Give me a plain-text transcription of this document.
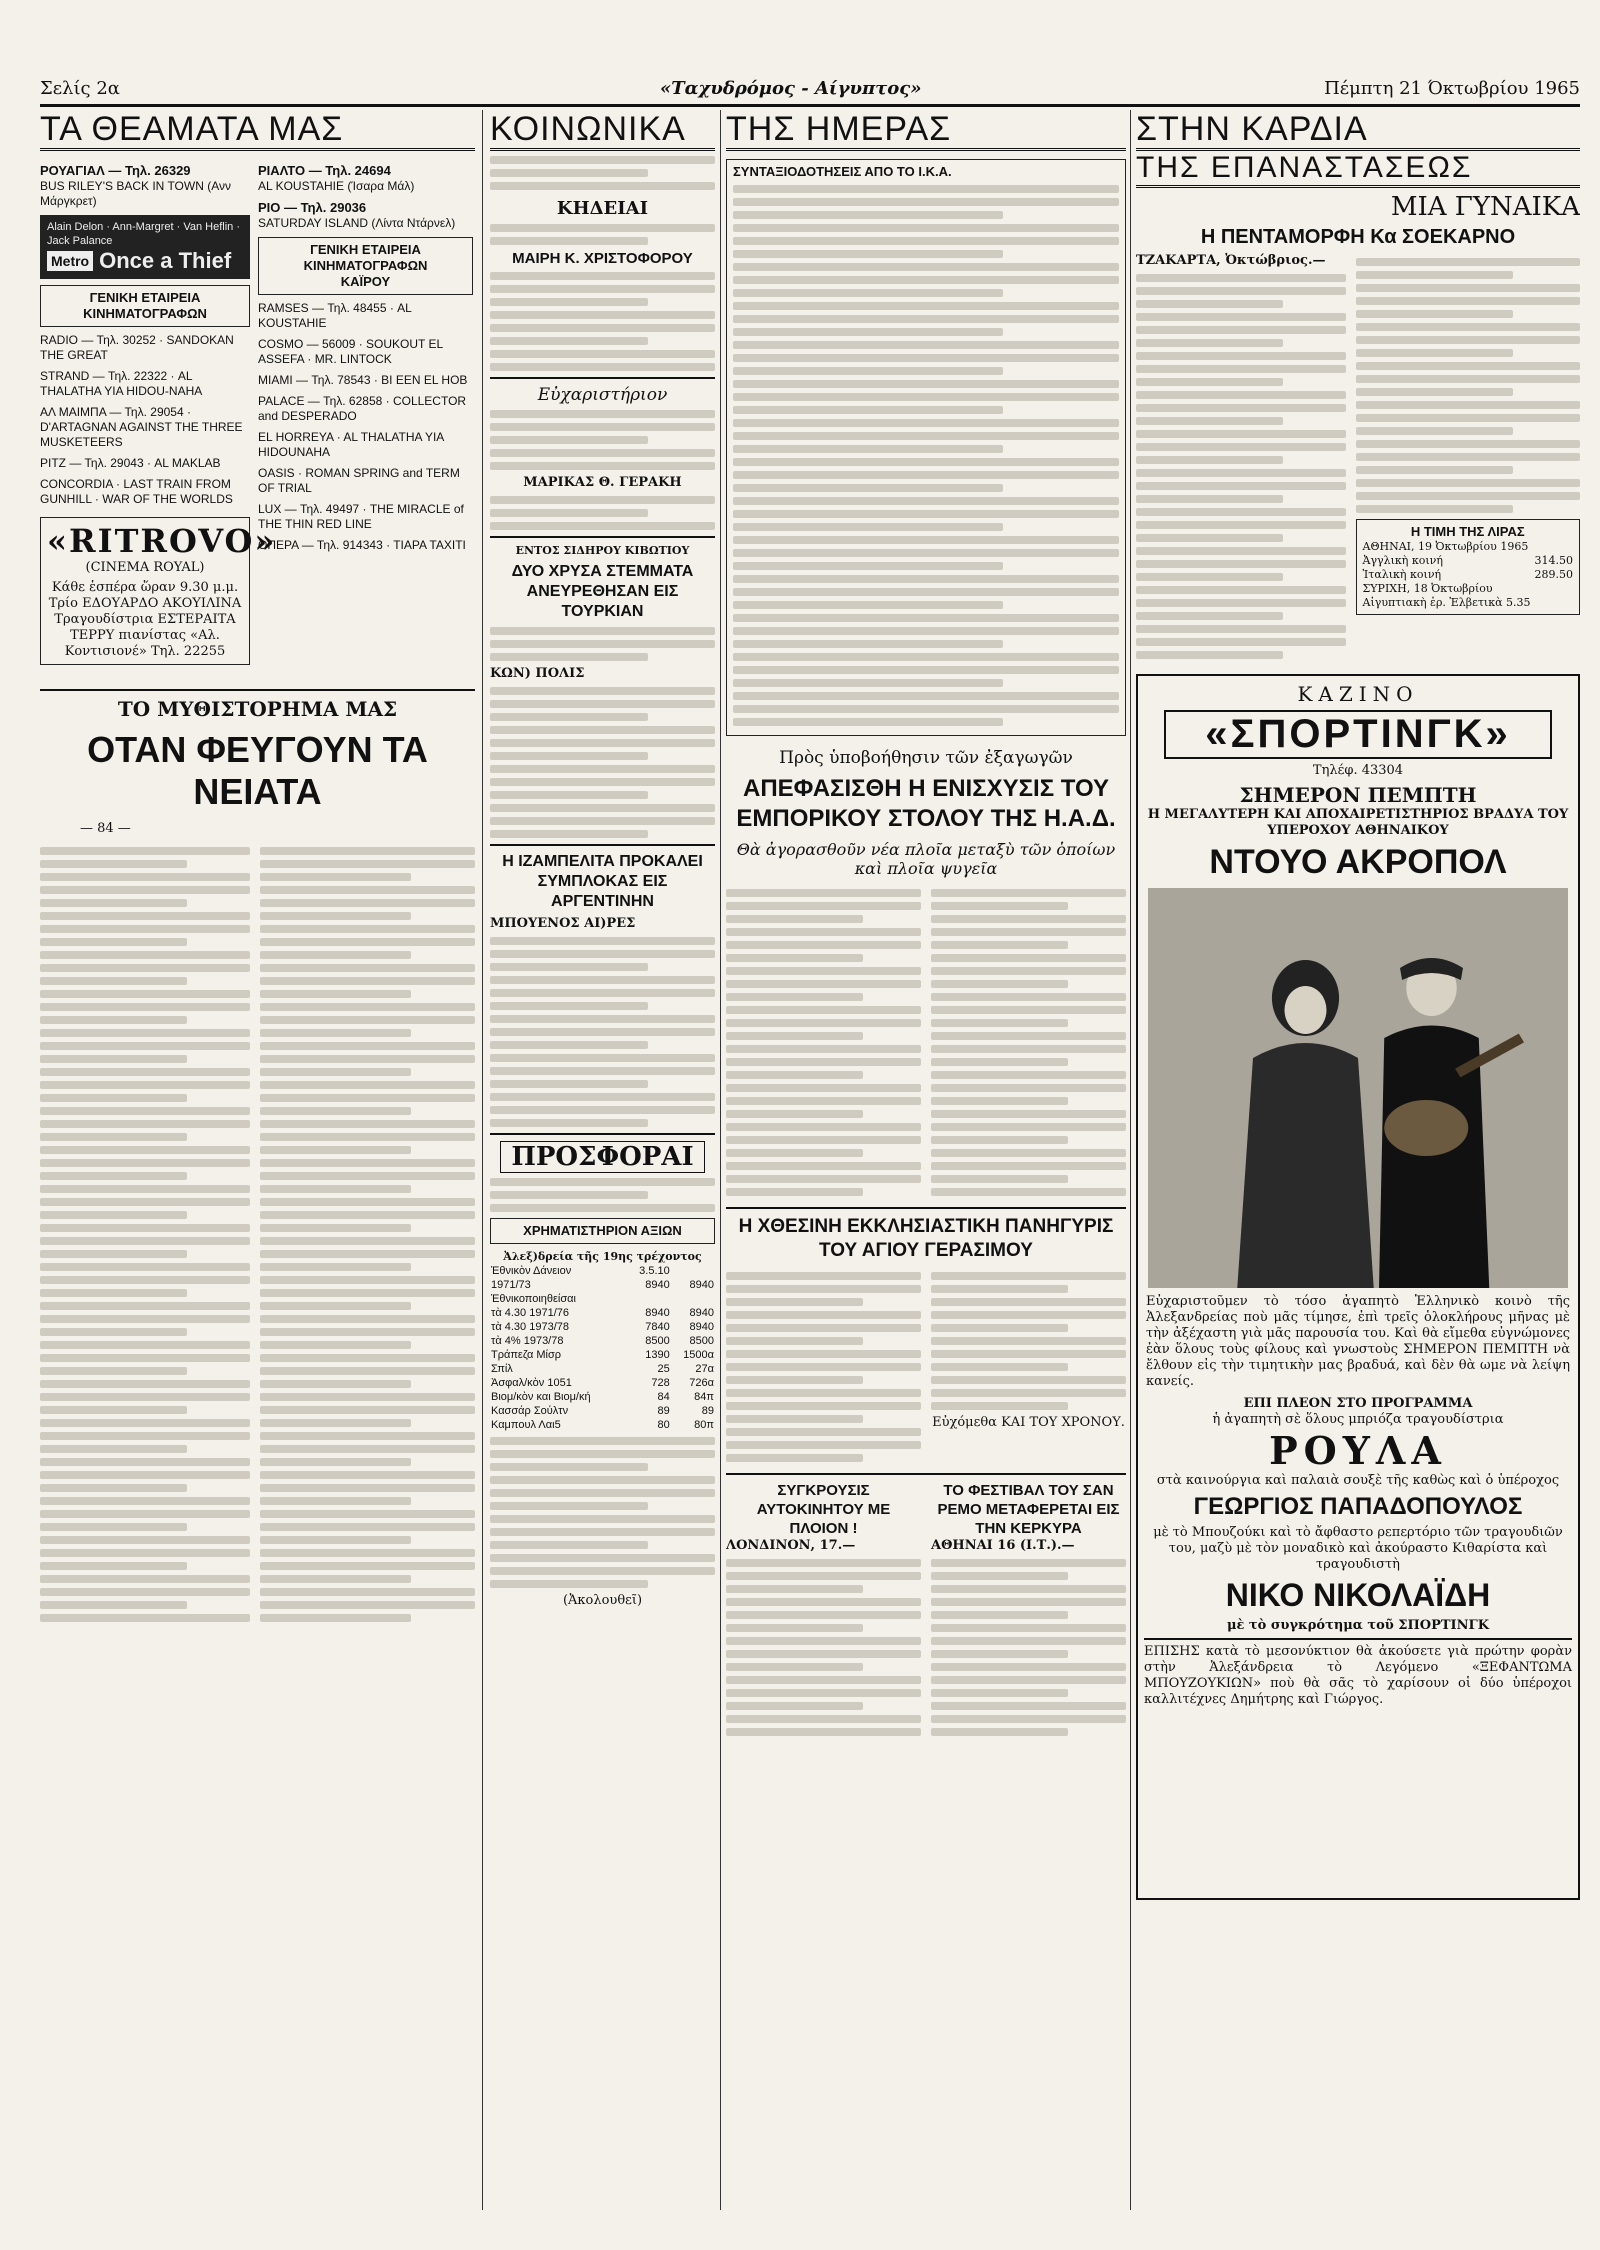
Σελίς 2α	«Ταχυδρόμος - Αίγυπτος»	Πέμπτη 21 Όκτωβρίου 1965
ΤΑ ΘΕΑΜΑΤΑ ΜΑΣ
ΡΟΥΑΓΙΑΛ — Τηλ. 26329
BUS RILEY'S BACK IN TOWN (Ανν Μάργκρετ)
Alain Delon · Ann-Margret · Van Heflin · Jack Palance
Metro Once a Thief
ΓΕΝΙΚΗ ΕΤΑΙΡΕΙΑ ΚΙΝΗΜΑΤΟΓΡΑΦΩΝ
RADIO — Τηλ. 30252 · SANDOKAN THE GREAT
STRAND — Τηλ. 22322 · AL THALATHA YIA HIDOU-NAHA
ΑΛ ΜΑΙΜΠΑ — Τηλ. 29054 · D'ARTAGNAN AGAINST THE THREE MUSKETEERS
ΡΙΤΖ — Τηλ. 29043 · AL MAKLAB
CONCORDIA · LAST TRAIN FROM GUNHILL · WAR OF THE WORLDS
«RITROVO»
(CINEMA ROYAL)
Κάθε ἑσπέρα ὥραν 9.30 μ.μ. Τρίο ΕΔΟΥΑΡΔΟ ΑΚΟΥΙΛΙΝΑ Τραγουδίστρια ΕΣΤΕΡΑΙΤΑ ΤΕΡΡΥ πιανίστας «Αλ. Κοντισιονέ» Τηλ. 22255
ΡΙΑΛΤΟ — Τηλ. 24694
AL KOUSTAHIE (Ίσαρα Μάλ)
ΡΙΟ — Τηλ. 29036
SATURDAY ISLAND (Λίντα Ντάρνελ)
ΓΕΝΙΚΗ ΕΤΑΙΡΕΙΑ ΚΙΝΗΜΑΤΟΓΡΑΦΩΝ
ΚΑΪΡΟΥ
RAMSES — Τηλ. 48455 · AL KOUSTAHIE
COSMO — 56009 · SOUKOUT EL ASSEFA · MR. LINTOCK
MIAMI — Τηλ. 78543 · BI EEN EL HOB
PALACE — Τηλ. 62858 · COLLECTOR and DESPERADO
EL HORREYA · AL THALATHA YIA HIDOUNAHA
OASIS · ROMAN SPRING and TERM OF TRIAL
LUX — Τηλ. 49497 · THE MIRACLE of THE THIN RED LINE
ΟΠΕΡΑ — Τηλ. 914343 · ΤΙΑΡΑ ΤΑΧΙΤΙ
ΤΟ ΜΥΘΙΣΤΟΡΗΜΑ ΜΑΣ
ΟΤΑΝ ΦΕΥΓΟΥΝ ΤΑ ΝΕΙΑΤΑ
— 84 —
ΚΟΙΝΩΝΙΚΑ
ΚΗΔΕΙΑΙ
ΜΑΙΡΗ Κ. ΧΡΙΣΤΟΦΟΡΟΥ
Εὐχαριστήριον
ΜΑΡΙΚΑΣ Θ. ΓΕΡΑΚΗ
ΕΝΤΟΣ ΣΙΔΗΡΟΥ ΚΙΒΩΤΙΟΥ
ΔΥΟ ΧΡΥΣΑ ΣΤΕΜΜΑΤΑ ΑΝΕΥΡΕΘΗΣΑΝ ΕΙΣ ΤΟΥΡΚΙΑΝ
ΚΩΝ) ΠΟΛΙΣ
Η ΙΖΑΜΠΕΛΙΤΑ ΠΡΟΚΑΛΕΙ ΣΥΜΠΛΟΚΑΣ ΕΙΣ ΑΡΓΕΝΤΙΝΗΝ
ΜΠΟΥΕΝΟΣ ΑΙ)ΡΕΣ
ΠΡΟΣΦΟΡΑΙ
ΧΡΗΜΑΤΙΣΤΗΡΙΟΝ ΑΞΙΩΝ
Ἀλεξ)δρεία τῆς 19ης τρέχοντος
Ἐθνικὸν Δάνειον	3.5.10	
1971/73	8940	8940
Ἐθνικοποιηθείσαι		
τὰ 4.30 1971/76	8940	8940
τὰ 4.30 1973/78	7840	8940
τὰ 4% 1973/78	8500	8500
Τράπεζα Μίσρ	1390	1500α
Σπίλ	25	27α
Ἀσφαλ/κὸν 1051	728	726α
Βιομ/κὸν και Βιομ/κή	84	84π
Κασσάρ Σούλτν	89	89
Καμπουλ Λαι5	80	80π
(Ἀκολουθεῖ)
ΤΗΣ ΗΜΕΡΑΣ
ΣΥΝΤΑΞΙΟΔΟΤΗΣΕΙΣ ΑΠΟ ΤΟ Ι.Κ.Α.
Πρὸς ὑποβοήθησιν τῶν ἐξαγωγῶν
ΑΠΕΦΑΣΙΣΘΗ Η ΕΝΙΣΧΥΣΙΣ ΤΟΥ ΕΜΠΟΡΙΚΟΥ ΣΤΟΛΟΥ ΤΗΣ Η.Α.Δ.
Θὰ ἀγορασθοῦν νέα πλοῖα μεταξὺ τῶν ὁποίων καὶ πλοῖα ψυγεῖα
Η ΧΘΕΣΙΝΗ ΕΚΚΛΗΣΙΑΣΤΙΚΗ ΠΑΝΗΓΥΡΙΣ ΤΟΥ ΑΓΙΟΥ ΓΕΡΑΣΙΜΟΥ
Εὐχόμεθα ΚΑΙ ΤΟΥ ΧΡΟΝΟΥ.
ΣΥΓΚΡΟΥΣΙΣ ΑΥΤΟΚΙΝΗΤΟΥ ΜΕ ΠΛΟΙΟΝ !
ΛΟΝΔΙΝΟΝ, 17.—
ΤΟ ΦΕΣΤΙΒΑΛ ΤΟΥ ΣΑΝ ΡΕΜΟ ΜΕΤΑΦΕΡΕΤΑΙ ΕΙΣ ΤΗΝ ΚΕΡΚΥΡΑ
ΑΘΗΝΑΙ 16 (Ι.Τ.).—
ΣΤΗΝ ΚΑΡΔΙΑ
ΤΗΣ ΕΠΑΝΑΣΤΑΣΕΩΣ
ΜΙΑ ΓΥΝΑΙΚΑ
Η ΠΕΝΤΑΜΟΡΦΗ Κα ΣΟΕΚΑΡΝΟ
ΤΖΑΚΑΡΤΑ, Ὀκτώβριος.—
Η ΤΙΜΗ ΤΗΣ ΛΙΡΑΣ
ΑΘΗΝΑΙ, 19 Ὀκτωβρίου 1965
Ἀγγλικὴ κοινή	314.50
Ἰταλικὴ κοινή	289.50
ΣΥΡΙΧΗ, 18 Ὀκτωβρίου
Αἰγυπτιακὴ ἐρ. Ἐλβετικὰ 5.35
ΚΑΖΙΝΟ
«ΣΠΟΡΤΙΝΓΚ»
Τηλέφ. 43304
ΣΗΜΕΡΟΝ ΠΕΜΠΤΗ
Η ΜΕΓΑΛΥΤΕΡΗ ΚΑΙ ΑΠΟΧΑΙΡΕΤΙΣΤΗΡΙΟΣ ΒΡΑΔΥΑ ΤΟΥ ΥΠΕΡΟΧΟΥ ΑΘΗΝΑΙΚΟΥ
ΝΤΟΥΟ ΑΚΡΟΠΟΛ
Εὐχαριστοῦμεν τὸ τόσο ἀγαπητὸ Ἑλληνικὸ κοινὸ τῆς Ἀλεξανδρείας ποὺ μᾶς τίμησε, ἐπὶ τρεῖς ὁλοκλήρους μῆνας μὲ τὴν ἀξέχαστη γιὰ μᾶς παρουσία του. Καὶ θὰ εἴμεθα εὐγνώμονες ἐὰν ὅλους τοὺς φίλους καὶ γνωστοὺς ΣΗΜΕΡΟΝ ΠΕΜΠΤΗ νὰ ἔλθουν εἰς τὴν τιμητικὴν μας βραδυά, καὶ δὲν θὰ ωμε νὰ λείψη κανείς.
ΕΠΙ ΠΛΕΟΝ ΣΤΟ ΠΡΟΓΡΑΜΜΑ
ἡ ἀγαπητὴ σὲ ὅλους μπριόζα τραγουδίστρια
ΡΟΥΛΑ
στὰ καινούργια καὶ παλαιὰ σουξὲ τῆς καθὼς καὶ ὁ ὑπέροχος
ΓΕΩΡΓΙΟΣ ΠΑΠΑΔΟΠΟΥΛΟΣ
μὲ τὸ Μπουζούκι καὶ τὸ ἄφθαστο ρεπερτόριο τῶν τραγουδιῶν του, μαζὺ μὲ τὸν μοναδικὸ καὶ ἀκούραστο Κιθαρίστα καὶ τραγουδιστὴ
ΝΙΚΟ ΝΙΚΟΛΑΪΔΗ
μὲ τὸ συγκρότημα τοῦ ΣΠΟΡΤΙΝΓΚ
ΕΠΙΣΗΣ κατὰ τὸ μεσονύκτιον θὰ ἀκούσετε γιὰ πρώτην φορὰν στὴν Ἀλεξάνδρεια τὸ Λεγόμενο «ΞΕΦΑΝΤΩΜΑ ΜΠΟΥΖΟΥΚΙΩΝ» ποὺ θὰ σᾶς τὸ χαρίσουν οἱ δύο ὑπέροχοι καλλιτέχνες Δημήτρης καὶ Γιώργος.
